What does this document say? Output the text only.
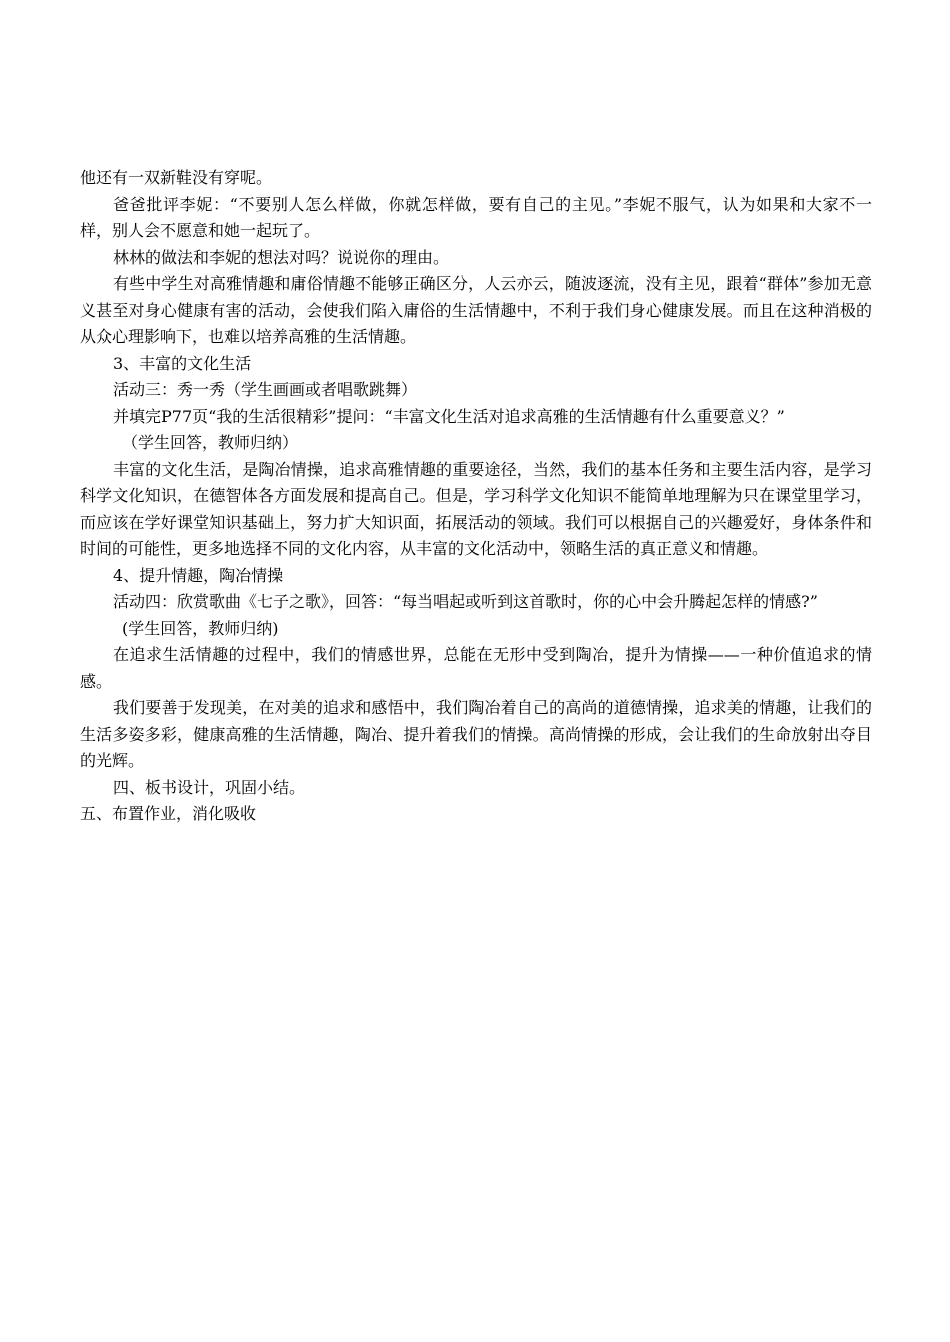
他还有一双新鞋没有穿呢。

爸爸批评李妮：“不要别人怎么样做，你就怎样做，要有自己的主见。”李妮不服气，认为如果和大家不一样，别人会不愿意和她一起玩了。

林林的做法和李妮的想法对吗？说说你的理由。

有些中学生对高雅情趣和庸俗情趣不能够正确区分，人云亦云，随波逐流，没有主见，跟着“群体”参加无意义甚至对身心健康有害的活动，会使我们陷入庸俗的生活情趣中，不利于我们身心健康发展。而且在这种消极的从众心理影响下，也难以培养高雅的生活情趣。

3、丰富的文化生活

活动三：秀一秀（学生画画或者唱歌跳舞）

并填完P77页“我的生活很精彩”提问：“丰富文化生活对追求高雅的生活情趣有什么重要意义？”

（学生回答，教师归纳）

丰富的文化生活，是陶冶情操，追求高雅情趣的重要途径，当然，我们的基本任务和主要生活内容，是学习科学文化知识，在德智体各方面发展和提高自己。但是，学习科学文化知识不能简单地理解为只在课堂里学习，而应该在学好课堂知识基础上，努力扩大知识面，拓展活动的领域。我们可以根据自己的兴趣爱好，身体条件和时间的可能性，更多地选择不同的文化内容，从丰富的文化活动中，领略生活的真正意义和情趣。

4、提升情趣，陶冶情操

活动四：欣赏歌曲《七子之歌》，回答：“每当唱起或听到这首歌时，你的心中会升腾起怎样的情感?”

(学生回答，教师归纳)

在追求生活情趣的过程中，我们的情感世界，总能在无形中受到陶冶，提升为情操——一种价值追求的情感。

我们要善于发现美，在对美的追求和感悟中，我们陶冶着自己的高尚的道德情操，追求美的情趣，让我们的生活多姿多彩，健康高雅的生活情趣，陶冶、提升着我们的情操。高尚情操的形成，会让我们的生命放射出夺目的光辉。

四、板书设计，巩固小结。

五、布置作业，消化吸收
